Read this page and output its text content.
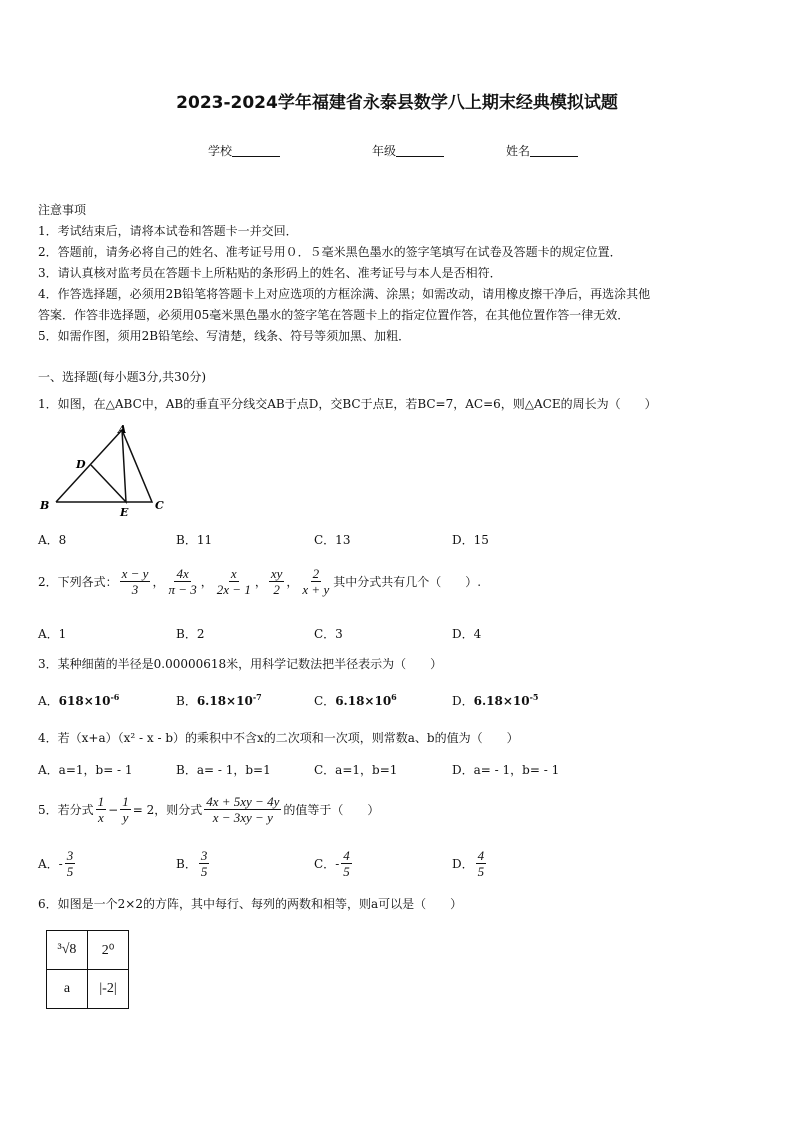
2023-2024学年福建省永泰县数学八上期末经典模拟试题
学校	年级	姓名
注意事项
1．考试结束后，请将本试卷和答题卡一并交回．
2．答题前，请务必将自己的姓名、准考证号用０．５毫米黑色墨水的签字笔填写在试卷及答题卡的规定位置．
3．请认真核对监考员在答题卡上所粘贴的条形码上的姓名、准考证号与本人是否相符．
4．作答选择题，必须用2B铅笔将答题卡上对应选项的方框涂满、涂黑；如需改动，请用橡皮擦干净后，再选涂其他
答案．作答非选择题，必须用05毫米黑色墨水的签字笔在答题卡上的指定位置作答，在其他位置作答一律无效．
5．如需作图，须用2B铅笔绘、写清楚，线条、符号等须加黑、加粗．
一、选择题(每小题3分,共30分)
1．如图，在△ABC中，AB的垂直平分线交AB于点D，交BC于点E，若BC=7，AC=6，则△ACE的周长为（　　）
A
D
B
E
C
A．8	B．11	C．13	D．15
2．下列各式： $\frac{x - y}{3}$ ， $\frac{4x}{\pi - 3}$ ， $\frac{x}{2x - 1}$ ， $\frac{xy}{2}$ ， $\frac{2}{x + y}$ 其中分式共有几个（　　）.
A．1	B．2	C．3	D．4
3．某种细菌的半径是0.00000618米，用科学记数法把半径表示为（　　）
A．$618\times 10^{-6}$	B．$6.18\times 10^{-7}$	C．$6.18\times 10^6$	D．$6.18\times 10^{-5}$
4．若（x+a）（x² - x - b）的乘积中不含x的二次项和一次项，则常数a、b的值为（　　）
A．a=1，b= - 1	B．a= - 1，b=1	C．a=1，b=1	D．a= - 1，b= - 1
5．若分式 $\frac{1}{x} - \frac{1}{y} = 2$，则分式 $\frac{4x + 5xy - 4y}{x - 3xy - y}$ 的值等于（　　）
A． - $\frac{3}{5}$	B． $\frac{3}{5}$	C． - $\frac{4}{5}$	D． $\frac{4}{5}$
6．如图是一个2×2的方阵，其中每行、每列的两数和相等，则a可以是（　　）
³√8	2⁰
a	|-2|
